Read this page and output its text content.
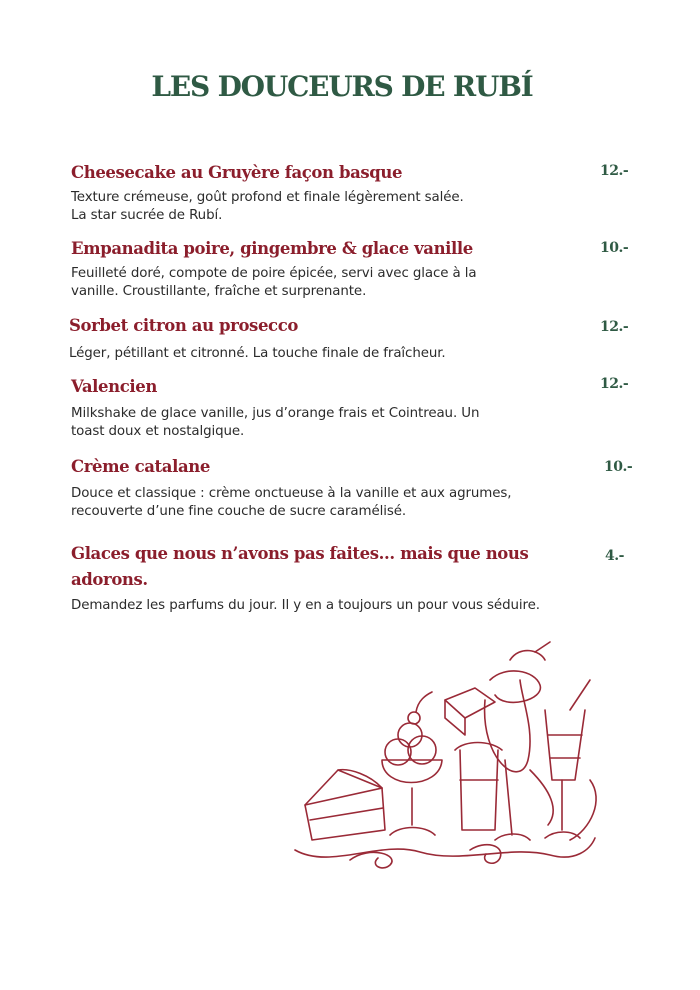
LES DOUCEURS DE RUBÍ
Cheesecake au Gruyère façon basque
Texture crémeuse, goût profond et finale légèrement salée. La star sucrée de Rubí.
12.-
Empanadita poire, gingembre & glace vanille
Feuilleté doré, compote de poire épicée, servi avec glace à la vanille. Croustillante, fraîche et surprenante.
10.-
Sorbet citron au prosecco
Léger, pétillant et citronné. La touche finale de fraîcheur.
12.-
Valencien
Milkshake de glace vanille, jus d’orange frais et Cointreau. Un toast doux et nostalgique.
12.-
Crème catalane
Douce et classique : crème onctueuse à la vanille et aux agrumes, recouverte d’une fine couche de sucre caramélisé.
10.-
Glaces que nous n’avons pas faites… mais que nous adorons.
Demandez les parfums du jour. Il y en a toujours un pour vous séduire.
4.-
